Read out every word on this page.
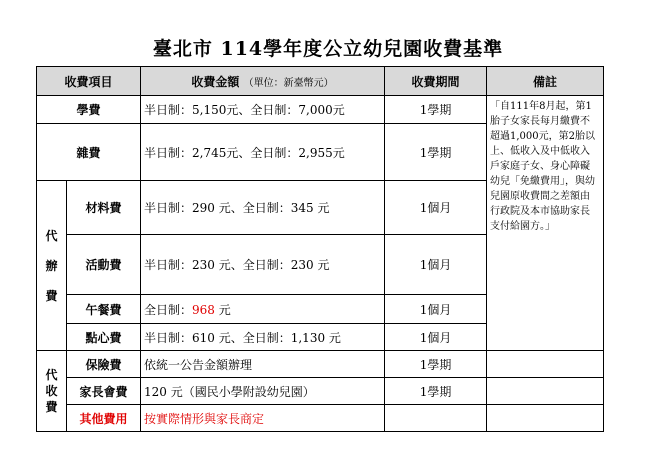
臺北市 114學年度公立幼兒園收費基準
收費項目		收費金額 （單位：新臺幣元）	收費期間	備註
學費		半日制：5,150元、全日制：7,000元	1學期	「自111年8月起，第1胎子女家長每月繳費不超過1,000元，第2胎以上、低收入及中低收入戶家庭子女、身心障礙幼兒「免繳費用」，與幼兒園原收費間之差額由行政院及本市協助家長支付給園方。」
雜費		半日制：2,745元、全日制：2,955元	1學期	
代
辦
費	材料費	半日制：290 元、全日制：345 元	1個月	
	活動費	半日制：230 元、全日制：230 元	1個月	
	午餐費	全日制：968 元	1個月	
	點心費	半日制：610 元、全日制：1,130 元	1個月	
代
收
費	保險費	依統一公告金額辦理	1學期	
	家長會費	120 元（國民小學附設幼兒園）	1學期	
	其他費用	按實際情形與家長商定		
